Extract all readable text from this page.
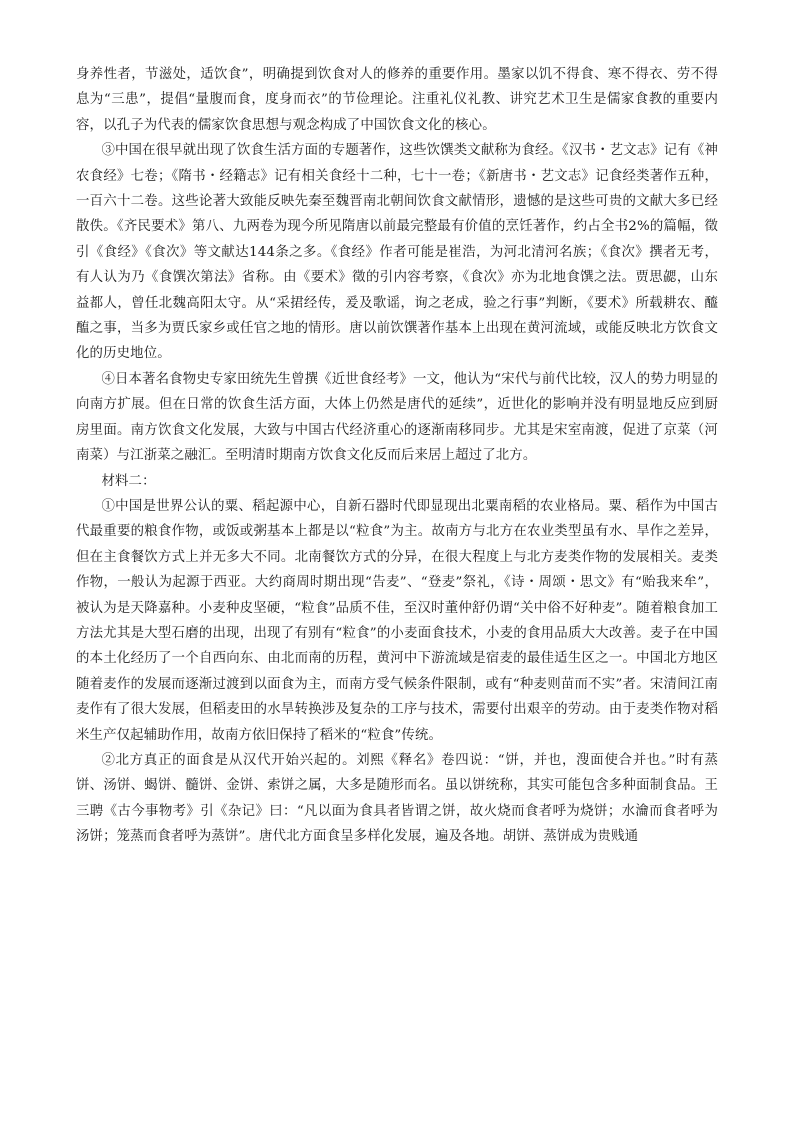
身养性者，节滋处，适饮食”，明确提到饮食对人的修养的重要作用。墨家以饥不得食、寒不得衣、劳不得息为“三患”，提倡“量腹而食，度身而衣”的节俭理论。注重礼仪礼教、讲究艺术卫生是儒家食教的重要内容，以孔子为代表的儒家饮食思想与观念构成了中国饮食文化的核心。

③中国在很早就出现了饮食生活方面的专题著作，这些饮馔类文献称为食经。《汉书・艺文志》记有《神农食经》七卷；《隋书・经籍志》记有相关食经十二种，七十一卷；《新唐书・艺文志》记食经类著作五种，一百六十二卷。这些论著大致能反映先秦至魏晋南北朝间饮食文献情形，遗憾的是这些可贵的文献大多已经散佚。《齐民要术》第八、九两卷为现今所见隋唐以前最完整最有价值的烹饪著作，约占全书2%的篇幅，徵引《食经》《食次》等文献达144条之多。《食经》作者可能是崔浩，为河北清河名族；《食次》撰者无考，有人认为乃《食馔次第法》省称。由《要术》徵的引内容考察，《食次》亦为北地食馔之法。贾思勰，山东益都人，曾任北魏高阳太守。从“采捃经传，爰及歌谣，询之老成，验之行事”判断，《要术》所载耕农、醯醢之事，当多为贾氏家乡或任官之地的情形。唐以前饮馔著作基本上出现在黄河流域，或能反映北方饮食文化的历史地位。

④日本著名食物史专家田统先生曾撰《近世食经考》一文，他认为“宋代与前代比较，汉人的势力明显的向南方扩展。但在日常的饮食生活方面，大体上仍然是唐代的延续”，近世化的影响并没有明显地反应到厨房里面。南方饮食文化发展，大致与中国古代经济重心的逐渐南移同步。尤其是宋室南渡，促进了京菜（河南菜）与江浙菜之融汇。至明清时期南方饮食文化反而后来居上超过了北方。

材料二：

①中国是世界公认的粟、稻起源中心，自新石器时代即显现出北粟南稻的农业格局。粟、稻作为中国古代最重要的粮食作物，或饭或粥基本上都是以“粒食”为主。故南方与北方在农业类型虽有水、旱作之差异，但在主食餐饮方式上并无多大不同。北南餐饮方式的分异，在很大程度上与北方麦类作物的发展相关。麦类作物，一般认为起源于西亚。大约商周时期出现“告麦”、“登麦”祭礼，《诗・周颂・思文》有“贻我来牟”，被认为是天降嘉种。小麦种皮坚硬，“粒食”品质不佳，至汉时董仲舒仍谓“关中俗不好种麦”。随着粮食加工方法尤其是大型石磨的出现，出现了有别有“粒食”的小麦面食技术，小麦的食用品质大大改善。麦子在中国的本土化经历了一个自西向东、由北而南的历程，黄河中下游流域是宿麦的最佳适生区之一。中国北方地区随着麦作的发展而逐渐过渡到以面食为主，而南方受气候条件限制，或有“种麦则苗而不实”者。宋清间江南麦作有了很大发展，但稻麦田的水旱转换涉及复杂的工序与技术，需要付出艰辛的劳动。由于麦类作物对稻米生产仅起辅助作用，故南方依旧保持了稻米的“粒食”传统。

②北方真正的面食是从汉代开始兴起的。刘熙《释名》卷四说：“饼，并也，溲面使合并也。”时有蒸饼、汤饼、蝎饼、髓饼、金饼、索饼之属，大多是随形而名。虽以饼统称，其实可能包含多种面制食品。王三聘《古今事物考》引《杂记》曰：“凡以面为食具者皆谓之饼，故火烧而食者呼为烧饼；水瀹而食者呼为汤饼；笼蒸而食者呼为蒸饼”。唐代北方面食呈多样化发展，遍及各地。胡饼、蒸饼成为贵贱通
